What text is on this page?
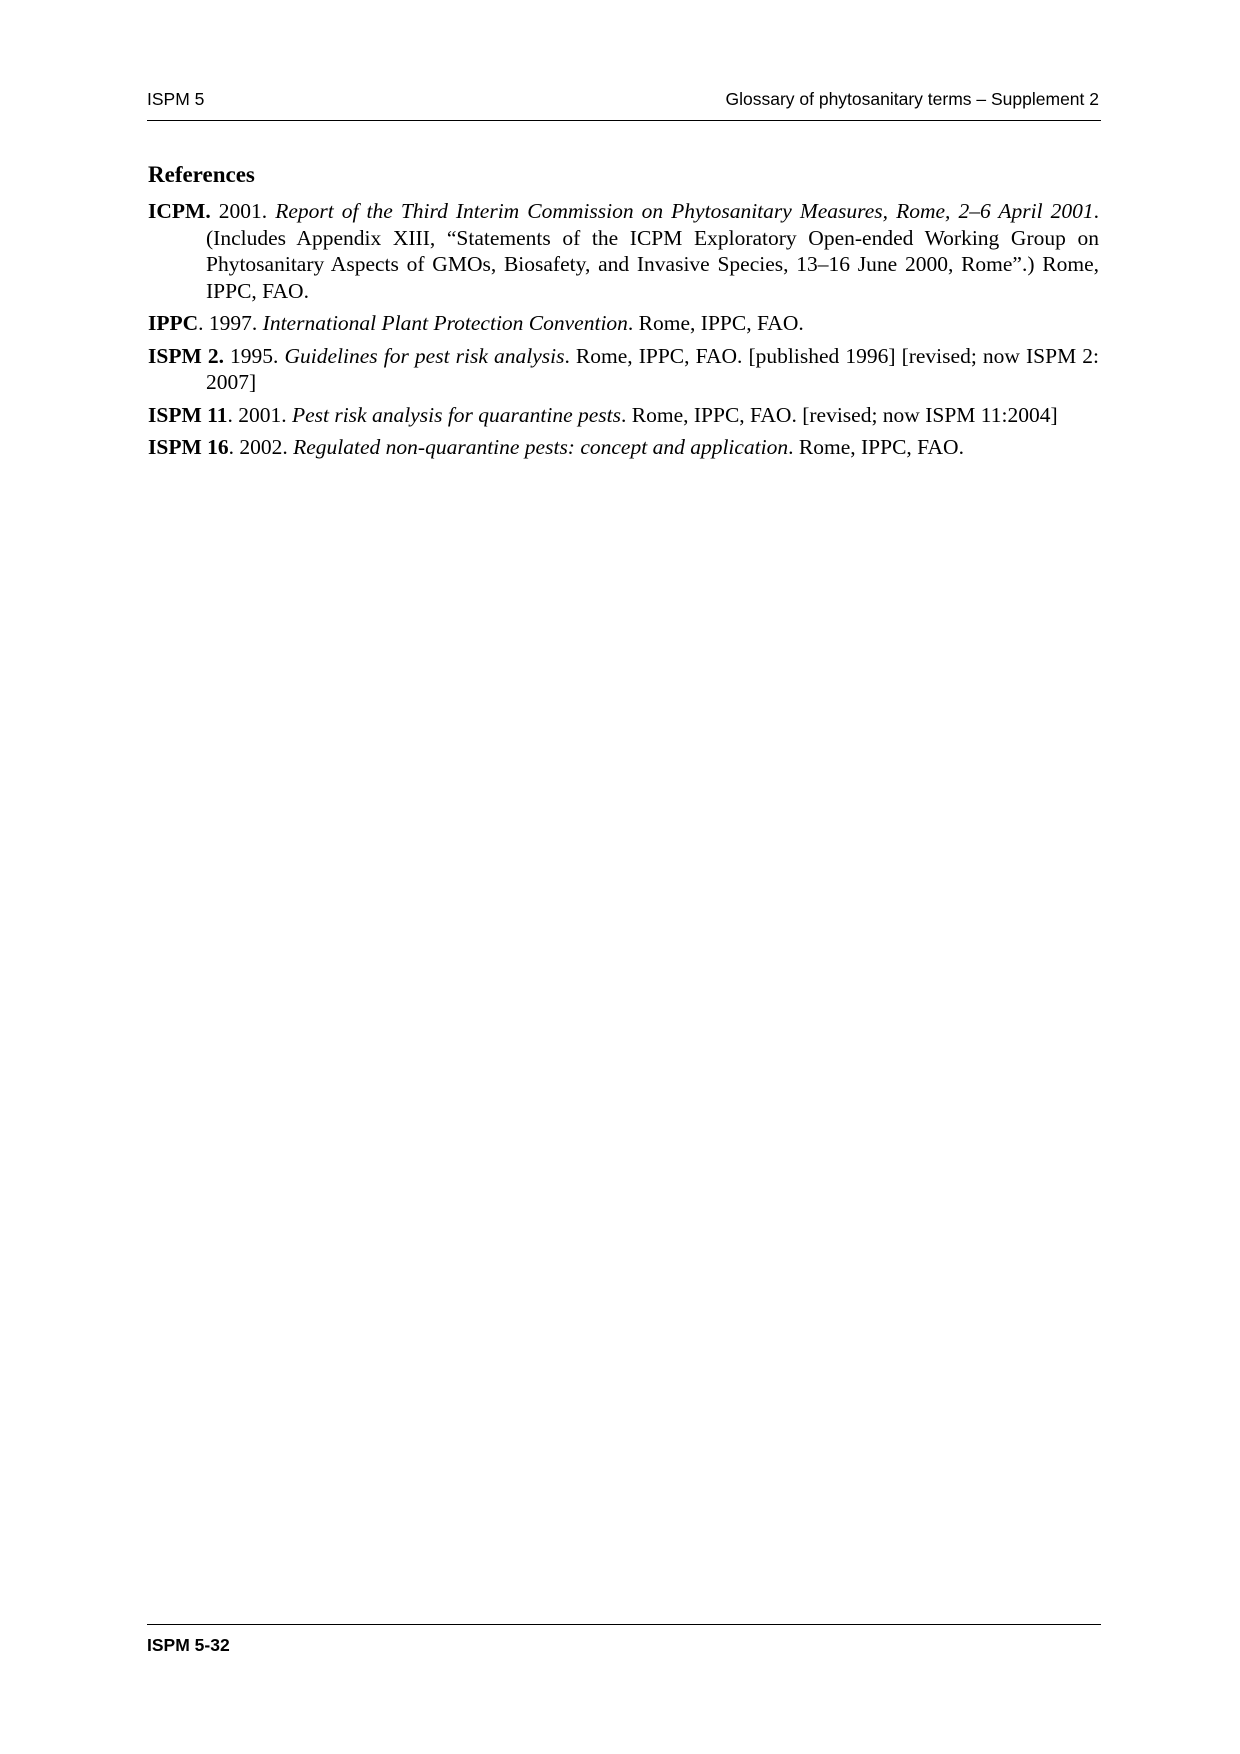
ISPM 5	Glossary of phytosanitary terms – Supplement 2
References
ICPM. 2001. Report of the Third Interim Commission on Phytosanitary Measures, Rome, 2–6 April 2001. (Includes Appendix XIII, “Statements of the ICPM Exploratory Open-ended Working Group on Phytosanitary Aspects of GMOs, Biosafety, and Invasive Species, 13–16 June 2000, Rome”.) Rome, IPPC, FAO.
IPPC. 1997. International Plant Protection Convention. Rome, IPPC, FAO.
ISPM 2. 1995. Guidelines for pest risk analysis. Rome, IPPC, FAO. [published 1996] [revised; now ISPM 2: 2007]
ISPM 11. 2001. Pest risk analysis for quarantine pests. Rome, IPPC, FAO. [revised; now ISPM 11:2004]
ISPM 16. 2002. Regulated non-quarantine pests: concept and application. Rome, IPPC, FAO.
ISPM 5-32
